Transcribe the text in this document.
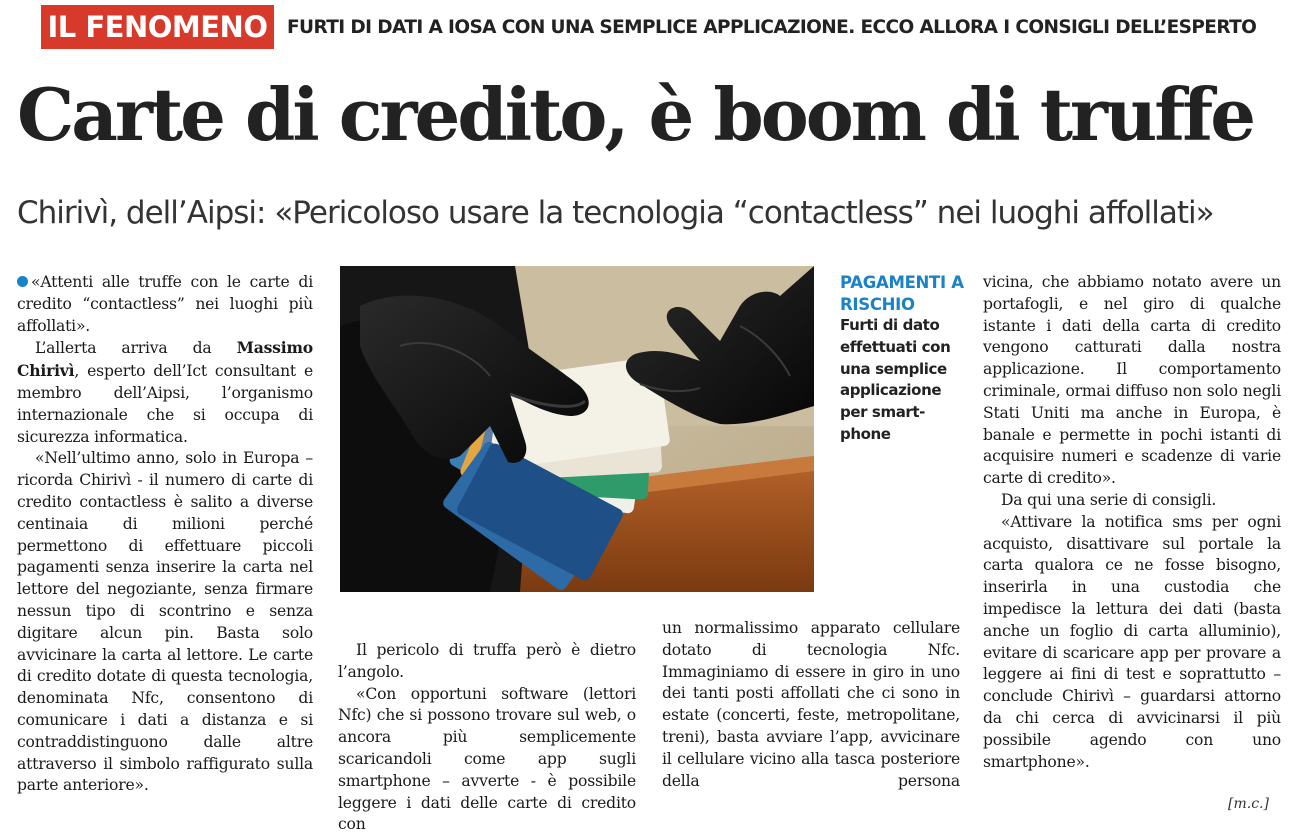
IL FENOMENO	FURTI DI DATI A IOSA CON UNA SEMPLICE APPLICAZIONE. ECCO ALLORA I CONSIGLI DELL’ESPERTO
Carte di credito, è boom di truffe
Chirivì, dell’Aipsi: «Pericoloso usare la tecnologia “contactless” nei luoghi affollati»

«Attenti alle truffe con le carte di credito “contactless” nei luoghi più affollati».

L’allerta arriva da Massimo Chirivì, esperto dell’Ict consultant e membro dell’Aipsi, l’organismo internazionale che si occupa di sicurezza informatica.

«Nell’ultimo anno, solo in Europa – ricorda Chirivì - il numero di carte di credito contactless è salito a diverse centinaia di milioni perché permettono di effettuare piccoli pagamenti senza inserire la carta nel lettore del negoziante, senza firmare nessun tipo di scontrino e senza digitare alcun pin. Basta solo avvicinare la carta al lettore. Le carte di credito dotate di questa tecnologia, denominata Nfc, consentono di comunicare i dati a distanza e si contraddistinguono dalle altre attraverso il simbolo raffigurato sulla parte anteriore».

PAGAMENTI A RISCHIO
Furti di dato effettuati con una semplice applicazione per smart-phone

Il pericolo di truffa però è dietro l’angolo.

«Con opportuni software (lettori Nfc) che si possono trovare sul web, o ancora più semplicemente scaricandoli come app sugli smartphone – avverte - è possibile leggere i dati delle carte di credito con

un normalissimo apparato cellulare dotato di tecnologia Nfc. Immaginiamo di essere in giro in uno dei tanti posti affollati che ci sono in estate (concerti, feste, metropolitane, treni), basta avviare l’app, avvicinare il cellulare vicino alla tasca posteriore della persona

vicina, che abbiamo notato avere un portafogli, e nel giro di qualche istante i dati della carta di credito vengono catturati dalla nostra applicazione. Il comportamento criminale, ormai diffuso non solo negli Stati Uniti ma anche in Europa, è banale e permette in pochi istanti di acquisire numeri e scadenze di varie carte di credito».

Da qui una serie di consigli.

«Attivare la notifica sms per ogni acquisto, disattivare sul portale la carta qualora ce ne fosse bisogno, inserirla in una custodia che impedisce la lettura dei dati (basta anche un foglio di carta alluminio), evitare di scaricare app per provare a leggere ai fini di test e soprattutto – conclude Chirivì – guardarsi attorno da chi cerca di avvicinarsi il più possibile agendo con uno smartphone».

[m.c.]
